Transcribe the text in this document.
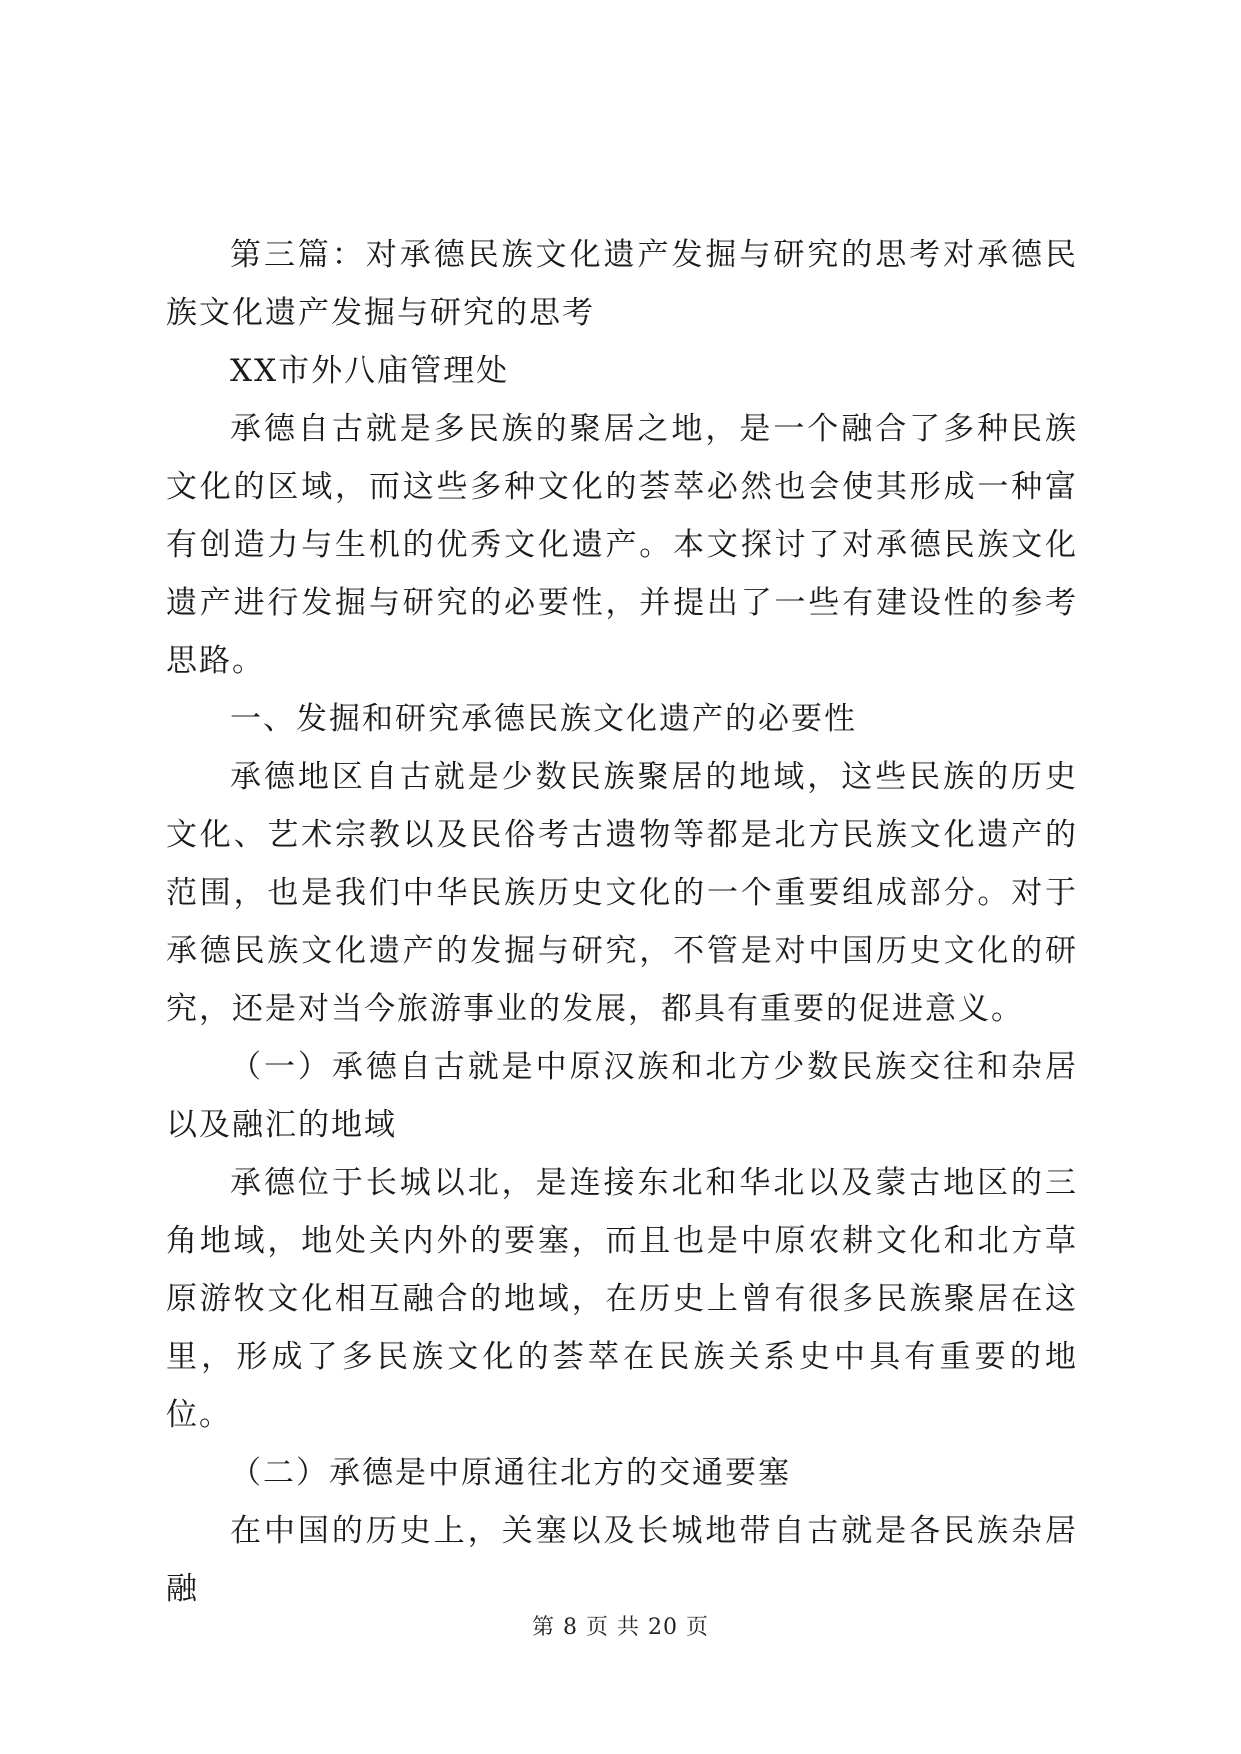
第三篇：对承德民族文化遗产发掘与研究的思考对承德民族文化遗产发掘与研究的思考

XX市外八庙管理处

承德自古就是多民族的聚居之地，是一个融合了多种民族文化的区域，而这些多种文化的荟萃必然也会使其形成一种富有创造力与生机的优秀文化遗产。本文探讨了对承德民族文化遗产进行发掘与研究的必要性，并提出了一些有建设性的参考思路。

一、发掘和研究承德民族文化遗产的必要性

承德地区自古就是少数民族聚居的地域，这些民族的历史文化、艺术宗教以及民俗考古遗物等都是北方民族文化遗产的范围，也是我们中华民族历史文化的一个重要组成部分。对于承德民族文化遗产的发掘与研究，不管是对中国历史文化的研究，还是对当今旅游事业的发展，都具有重要的促进意义。

（一）承德自古就是中原汉族和北方少数民族交往和杂居以及融汇的地域

承德位于长城以北，是连接东北和华北以及蒙古地区的三角地域，地处关内外的要塞，而且也是中原农耕文化和北方草原游牧文化相互融合的地域，在历史上曾有很多民族聚居在这里，形成了多民族文化的荟萃在民族关系史中具有重要的地位。

（二）承德是中原通往北方的交通要塞

在中国的历史上，关塞以及长城地带自古就是各民族杂居融

第 8 页 共 20 页
